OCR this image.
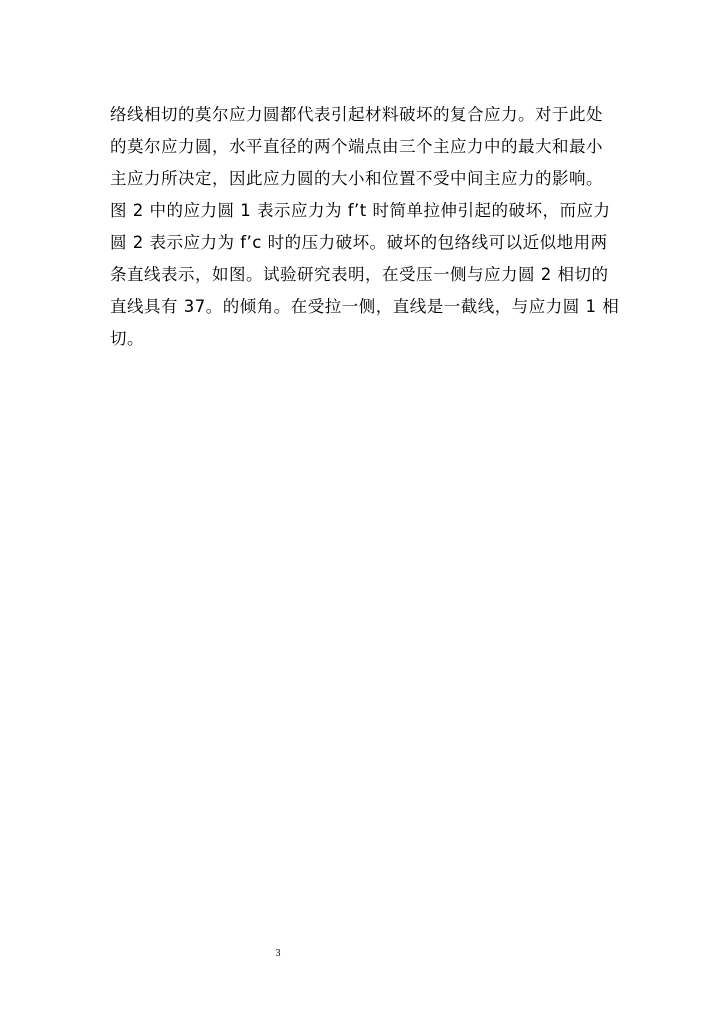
络线相切的莫尔应力圆都代表引起材料破坏的复合应力。对于此处
的莫尔应力圆，水平直径的两个端点由三个主应力中的最大和最小
主应力所决定，因此应力圆的大小和位置不受中间主应力的影响。
图 2 中的应力圆 1 表示应力为 f’t 时简单拉伸引起的破坏，而应力
圆 2 表示应力为 f’c 时的压力破坏。破坏的包络线可以近似地用两
条直线表示，如图。试验研究表明，在受压一侧与应力圆 2 相切的
直线具有 37。的倾角。在受拉一侧，直线是一截线，与应力圆 1 相
切。
3
